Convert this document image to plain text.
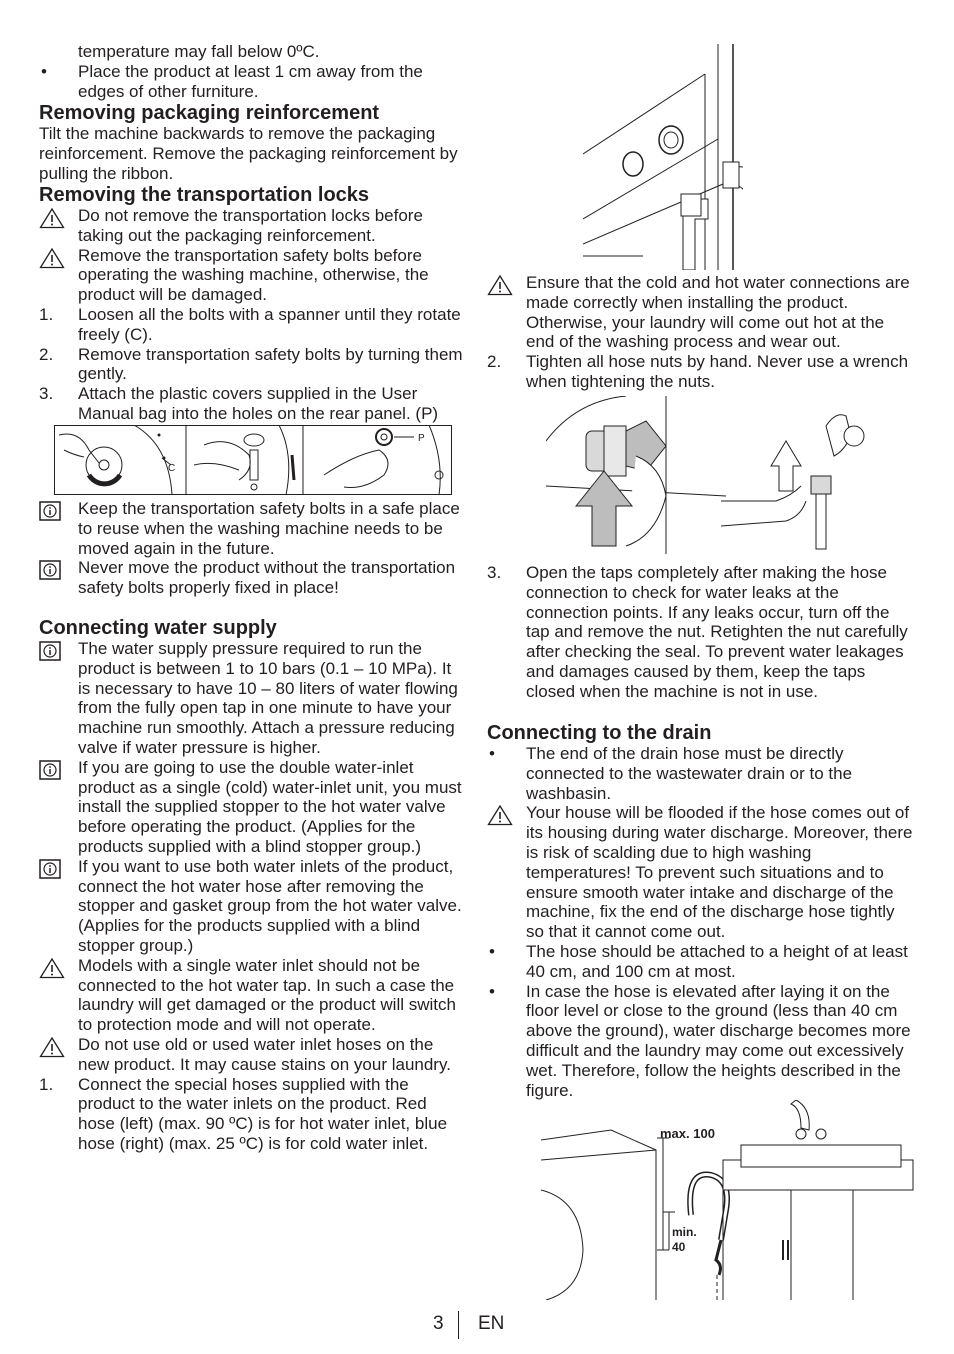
temperature may fall below 0ºC.
•	Place the product at least 1 cm away from the edges of other furniture.
Removing packaging reinforcement

Tilt the machine backwards to remove the packaging reinforcement. Remove the packaging reinforcement by pulling the ribbon.

Removing the transportation locks
Do not remove the transportation locks before taking out the packaging reinforcement.
Remove the transportation safety bolts before operating the washing machine, otherwise, the product will be damaged.
1.	Loosen all the bolts with a spanner until they rotate freely (C).
2.	Remove transportation safety bolts by turning them gently.
3.	Attach the plastic covers supplied in the User Manual bag into the holes on the rear panel. (P)
C
P
Keep the transportation safety bolts in a safe place to reuse when the washing machine needs to be moved again in the future.
Never move the product without the transportation safety bolts properly fixed in place!
Connecting water supply
The water supply pressure required to run the product is between 1 to 10 bars (0.1 – 10 MPa). It is necessary to have 10 – 80 liters of water flowing from the fully open tap in one minute to have your machine run smoothly. Attach a pressure reducing valve if water pressure is higher.
If you are going to use the double water-inlet product as a single (cold) water-inlet unit, you must install the supplied stopper to the hot water valve before operating the product. (Applies for the products supplied with a blind stopper group.)
If you want to use both water inlets of the product, connect the hot water hose after removing the stopper and gasket group from the hot water valve. (Applies for the products supplied with a blind stopper group.)
Models with a single water inlet should not be connected to the hot water tap. In such a case the laundry will get damaged or the product will switch to protection mode and will not operate.
Do not use old or used water inlet hoses on the new product. It may cause stains on your laundry.
1.	Connect the special hoses supplied with the product to the water inlets on the product. Red hose (left) (max. 90 ºC) is for hot water inlet, blue hose (right) (max. 25 ºC) is for cold water inlet.
Ensure that the cold and hot water connections are made correctly when installing the product. Otherwise, your laundry will come out hot at the end of the washing process and wear out.
2.	Tighten all hose nuts by hand. Never use a wrench when tightening the nuts.
3.	Open the taps completely after making the hose connection to check for water leaks at the connection points. If any leaks occur, turn off the tap and remove the nut. Retighten the nut carefully after checking the seal. To prevent water leakages and damages caused by them, keep the taps closed when the machine is not in use.
Connecting to the drain
•	The end of the drain hose must be directly connected to the wastewater drain or to the washbasin.
Your house will be flooded if the hose comes out of its housing during water discharge. Moreover, there is risk of scalding due to high washing temperatures! To prevent such situations and to ensure smooth water intake and discharge of the machine, fix the end of the discharge hose tightly so that it cannot come out.
•	The hose should be attached to a height of at least 40 cm, and 100 cm at most.
•	In case the hose is elevated after laying it on the floor level or close to the ground (less than 40 cm above the ground), water discharge becomes more difficult and the laundry may come out excessively wet. Therefore, follow the heights described in the figure.
max. 100
min.
40
3 EN
